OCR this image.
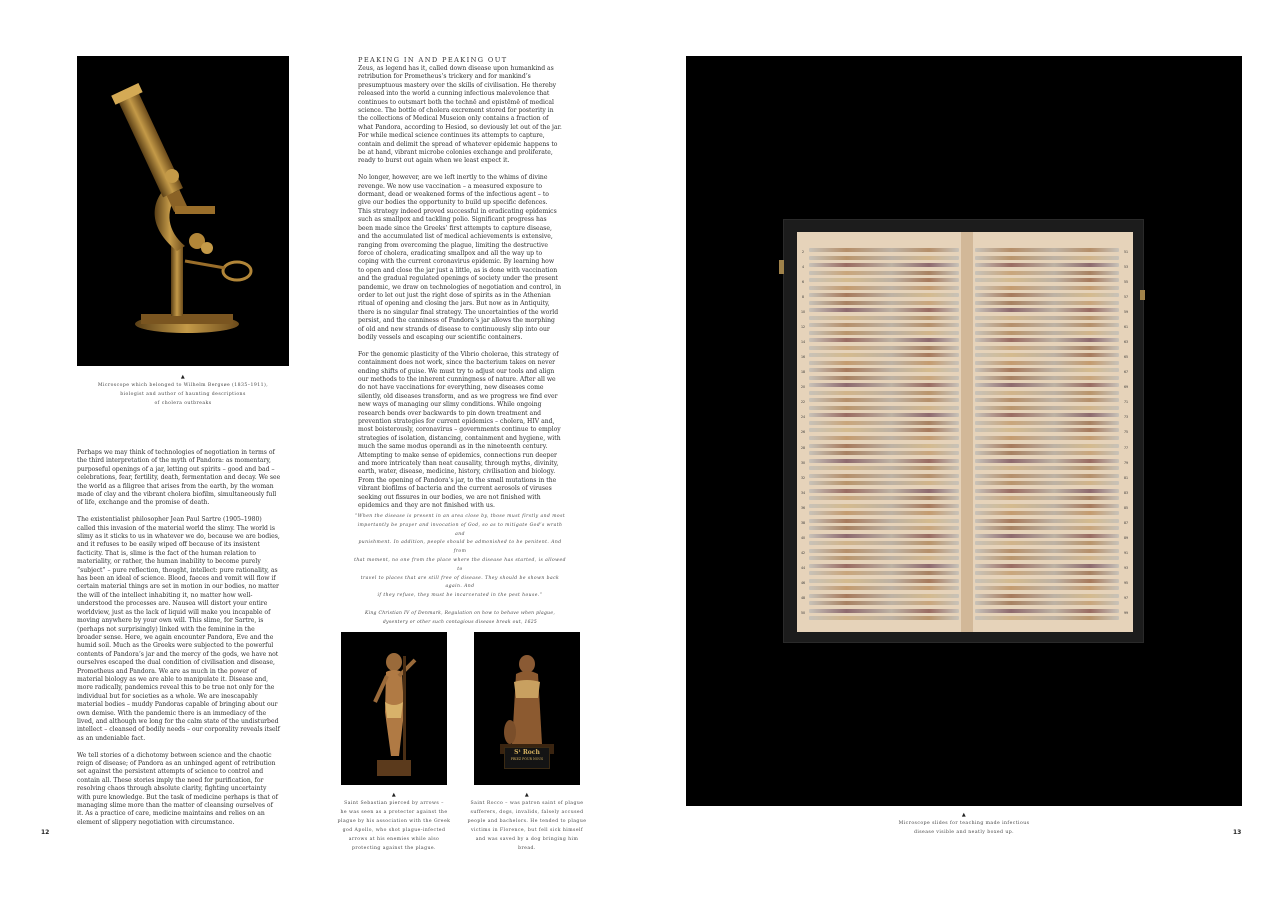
▲
Microscope which belonged to Wilhelm Bergsøe (1835–1911),
biologist and author of haunting descriptions
of cholera outbreaks

Perhaps we may think of technologies of negotiation in terms of the third interpretation of the myth of Pandora: as momentary, purposeful openings of a jar, letting out spirits – good and bad – celebrations, fear, fertility, death, fermentation and decay. We see the world as a filigree that arises from the earth, by the woman made of clay and the vibrant cholera biofilm, simultaneously full of life, exchange and the promise of death.

The existentialist philosopher Jean Paul Sartre (1905–1980) called this invasion of the material world the slimy. The world is slimy as it sticks to us in whatever we do, because we are bodies, and it refuses to be easily wiped off because of its insistent facticity. That is, slime is the fact of the human relation to materiality, or rather, the human inability to become purely “subject” – pure reflection, thought, intellect: pure rationality, as has been an ideal of science. Blood, faeces and vomit will flow if certain material things are set in motion in our bodies, no matter the will of the intellect inhabiting it, no matter how well-understood the processes are. Nausea will distort your entire worldview, just as the lack of liquid will make you incapable of moving anywhere by your own will. This slime, for Sartre, is (perhaps not surprisingly) linked with the feminine in the broader sense. Here, we again encounter Pandora, Eve and the humid soil. Much as the Greeks were subjected to the powerful contents of Pandora’s jar and the mercy of the gods, we have not ourselves escaped the dual condition of civilisation and disease, Prometheus and Pandora. We are as much in the power of material biology as we are able to manipulate it. Disease and, more radically, pandemics reveal this to be true not only for the individual but for societies as a whole. We are inescapably material bodies – muddy Pandoras capable of bringing about our own demise. With the pandemic there is an immediacy of the lived, and although we long for the calm state of the undisturbed intellect – cleansed of bodily needs – our corporality reveals itself as an undeniable fact.

We tell stories of a dichotomy between science and the chaotic reign of disease; of Pandora as an unhinged agent of retribution set against the persistent attempts of science to control and contain all. These stories imply the need for purification, for resolving chaos through absolute clarity, fighting uncertainty with pure knowledge. But the task of medicine perhaps is that of managing slime more than the matter of cleansing ourselves of it. As a practice of care, medicine maintains and relies on an element of slippery negotiation with circumstance.

PEAKING IN AND PEAKING OUT

Zeus, as legend has it, called down disease upon humankind as retribution for Prometheus’s trickery and for mankind’s presumptuous mastery over the skills of civilisation. He thereby released into the world a cunning infectious malevolence that continues to outsmart both the technē and epistēmē of medical science. The bottle of cholera excrement stored for posterity in the collections of Medical Museion only contains a fraction of what Pandora, according to Hesiod, so deviously let out of the jar. For while medical science continues its attempts to capture, contain and delimit the spread of whatever epidemic happens to be at hand, vibrant microbe colonies exchange and proliferate, ready to burst out again when we least expect it.

No longer, however, are we left inertly to the whims of divine revenge. We now use vaccination – a measured exposure to dormant, dead or weakened forms of the infectious agent – to give our bodies the opportunity to build up specific defences. This strategy indeed proved successful in eradicating epidemics such as smallpox and tackling polio. Significant progress has been made since the Greeks’ first attempts to capture disease, and the accumulated list of medical achievements is extensive, ranging from overcoming the plague, limiting the destructive force of cholera, eradicating smallpox and all the way up to coping with the current coronavirus epidemic. By learning how to open and close the jar just a little, as is done with vaccination and the gradual regulated openings of society under the present pandemic, we draw on technologies of negotiation and control, in order to let out just the right dose of spirits as in the Athenian ritual of opening and closing the jars. But now as in Antiquity, there is no singular final strategy. The uncertainties of the world persist, and the canniness of Pandora’s jar allows the morphing of old and new strands of disease to continuously slip into our bodily vessels and escaping our scientific containers.

For the genomic plasticity of the Vibrio cholerae, this strategy of containment does not work, since the bacterium takes on never ending shifts of guise. We must try to adjust our tools and align our methods to the inherent cunningness of nature. After all we do not have vaccinations for everything, new diseases come silently, old diseases transform, and as we progress we find ever new ways of managing our slimy conditions. While ongoing research bends over backwards to pin down treatment and prevention strategies for current epidemics – cholera, HIV and, most boisterously, coronavirus – governments continue to employ strategies of isolation, distancing, containment and hygiene, with much the same modus operandi as in the nineteenth century. Attempting to make sense of epidemics, connections run deeper and more intricately than neat causality, through myths, divinity, earth, water, disease, medicine, history, civilisation and biology. From the opening of Pandora’s jar, to the small mutations in the vibrant biofilms of bacteria and the current aerosols of viruses seeking out fissures in our bodies, we are not finished with epidemics and they are not finished with us.

“When the disease is present in an area close by, those must firstly and most
importantly be prayer and invocation of God, so as to mitigate God’s wrath and
punishment. In addition, people should be admonished to be penitent. And from
that moment, no one from the place where the disease has started, is allowed to
travel to places that are still free of disease. They should be shown back again. And
if they refuse, they must be incarcerated in the pest house.”
King Christian IV of Denmark, Regulation on how to behave when plague,
dysentery or other such contagious disease break out, 1625
▲
Saint Sebastian pierced by arrows –
he was seen as a protector against the
plague by his association with the Greek
god Apollo, who shot plague-infected
arrows at his enemies while also
protecting against the plague.
Sᵗ Roch
PRIEZ POUR NOUS
▲
Saint Rocco – was patron saint of plague
sufferers, dogs, invalids, falsely accused
people and bachelors. He tended to plague
victims in Florence, but fell sick himself
and was saved by a dog bringing him bread.
12
2
4
6
8
10
12
14
16
18
20
22
24
26
28
30
32
34
36
38
40
42
44
46
48
50
51
53
55
57
59
61
63
65
67
69
71
73
75
77
79
81
83
85
87
89
91
93
95
97
99
▲
Microscope slides for teaching made infectious
disease visible and neatly boxed up.	13
